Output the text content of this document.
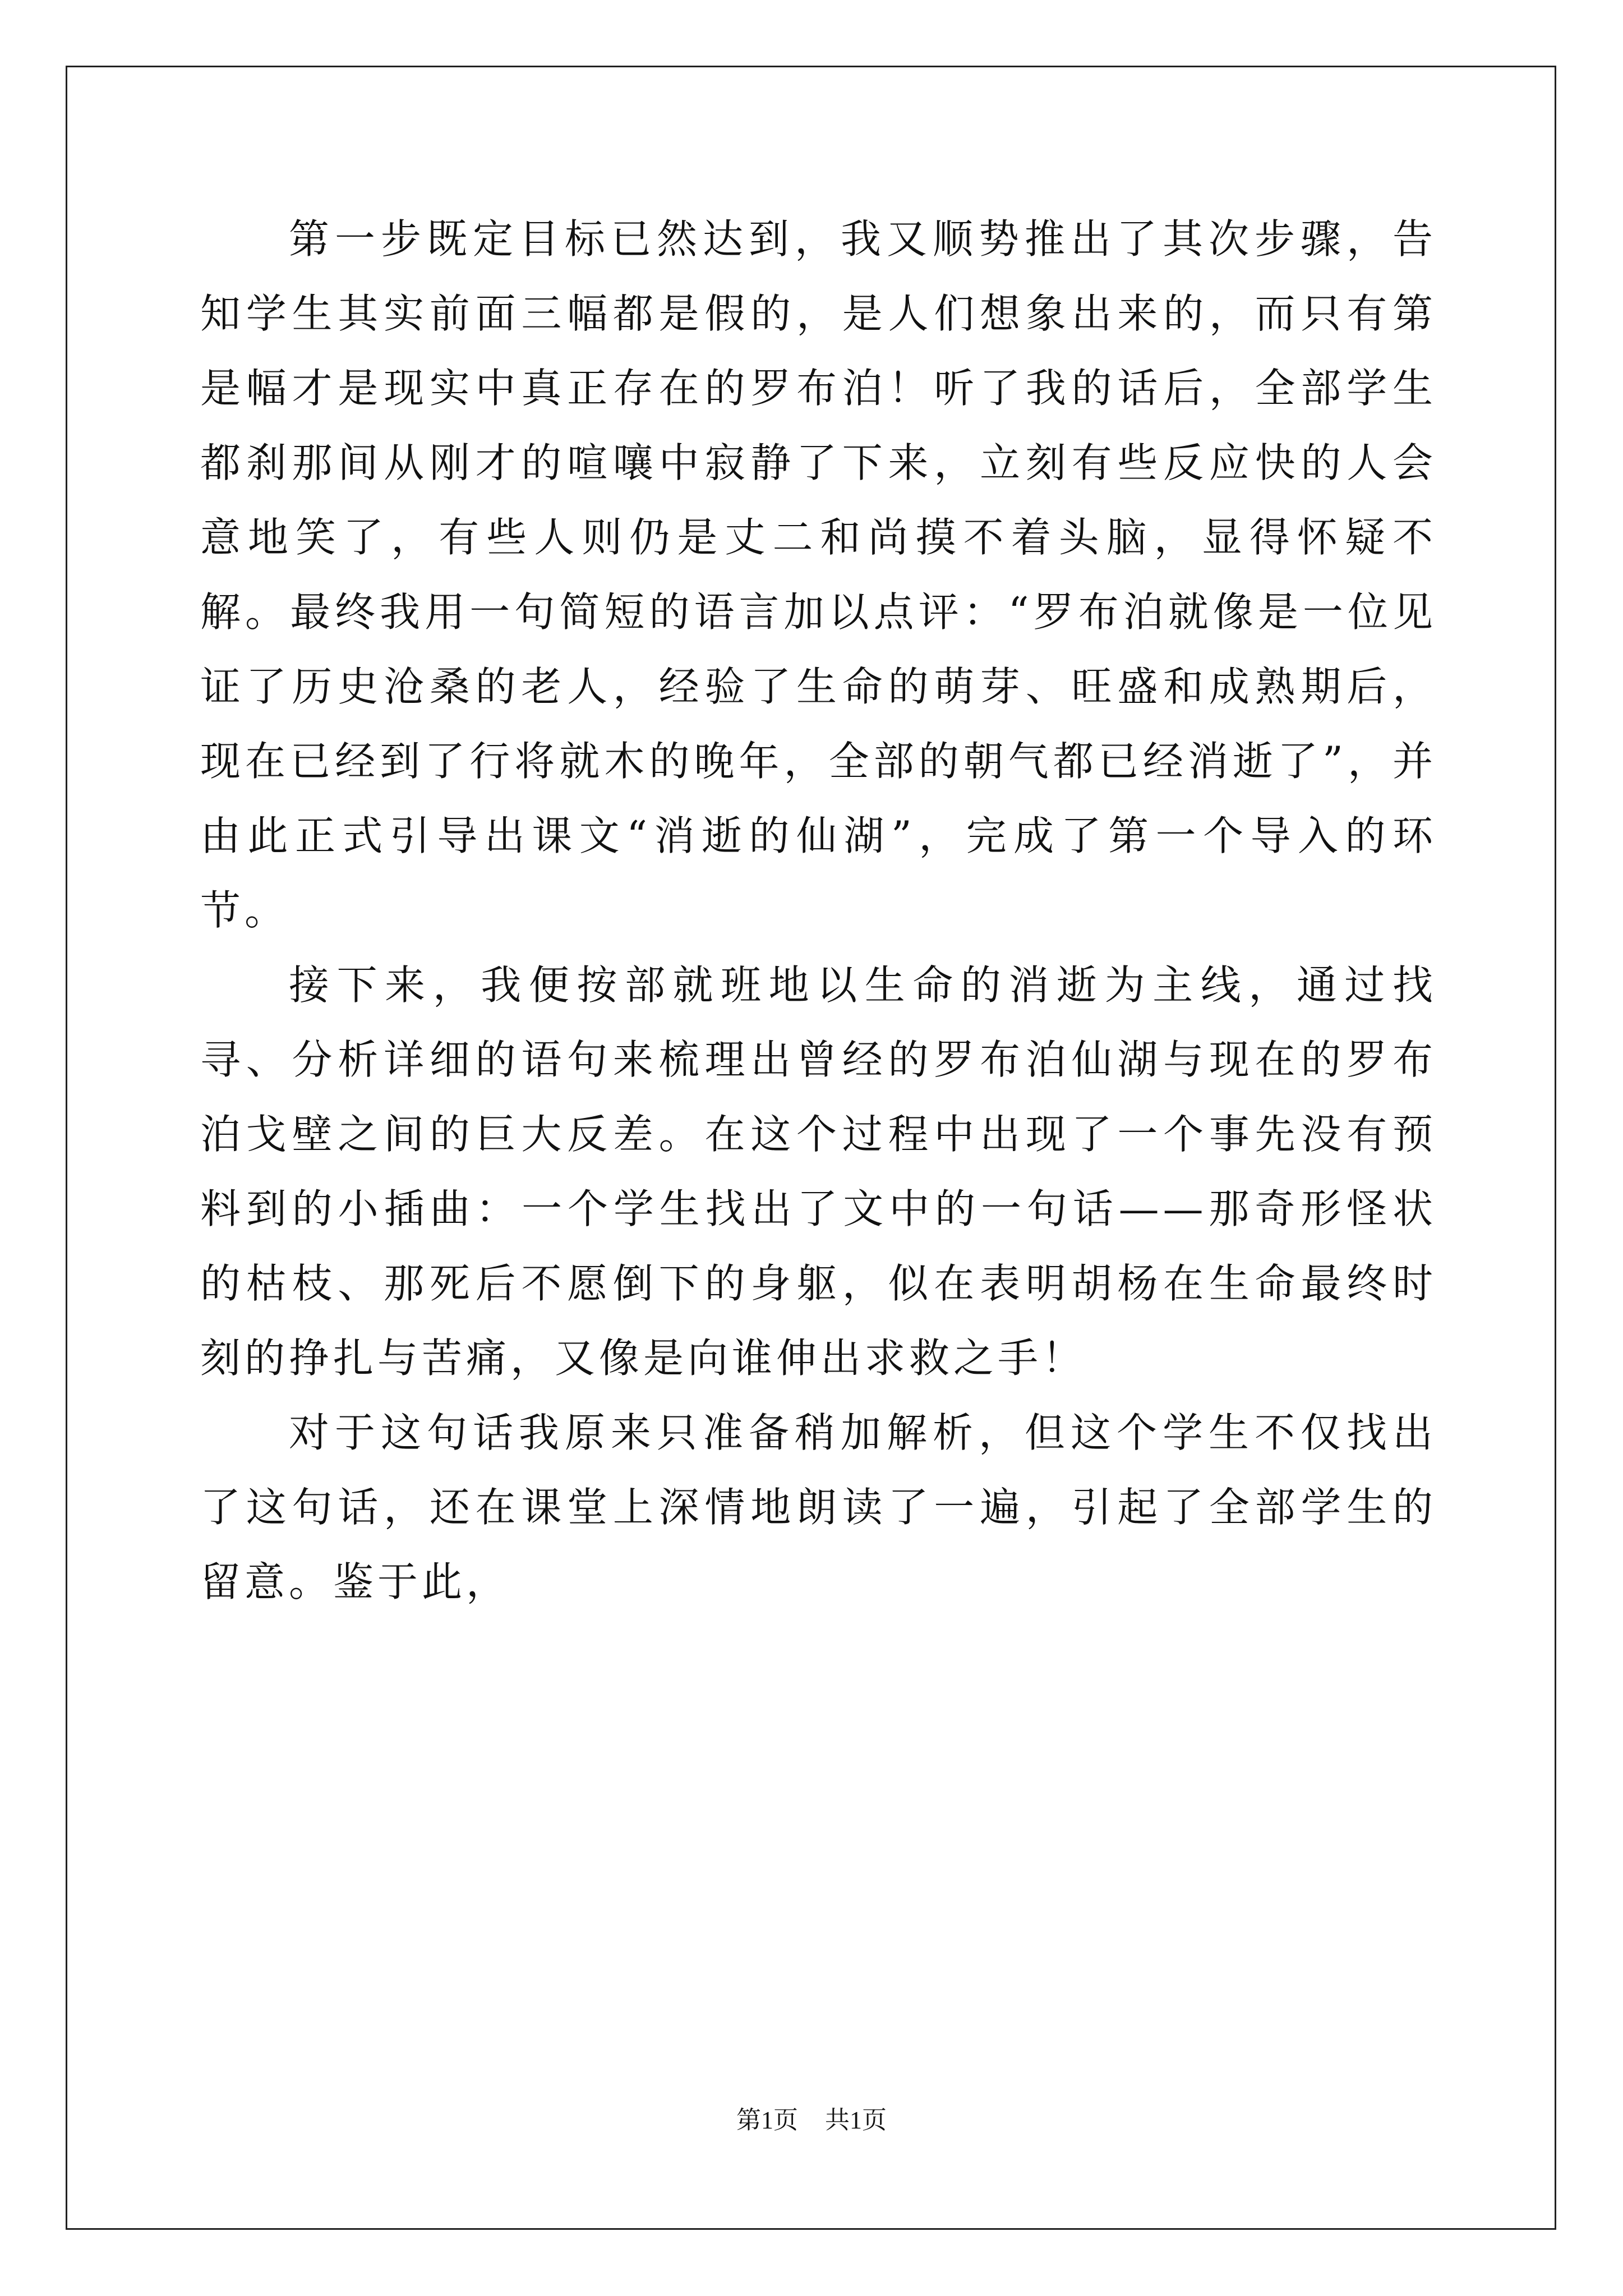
第一步既定目标已然达到，我又顺势推出了其次步骤，告知学生其实前面三幅都是假的，是人们想象出来的，而只有第是幅才是现实中真正存在的罗布泊！听了我的话后，全部学生都刹那间从刚才的喧嚷中寂静了下来，立刻有些反应快的人会意地笑了，有些人则仍是丈二和尚摸不着头脑，显得怀疑不解。最终我用一句简短的语言加以点评：“罗布泊就像是一位见证了历史沧桑的老人，经验了生命的萌芽、旺盛和成熟期后，现在已经到了行将就木的晚年，全部的朝气都已经消逝了”，并由此正式引导出课文“消逝的仙湖”，完成了第一个导入的环节。

接下来，我便按部就班地以生命的消逝为主线，通过找寻、分析详细的语句来梳理出曾经的罗布泊仙湖与现在的罗布泊戈壁之间的巨大反差。在这个过程中出现了一个事先没有预料到的小插曲：一个学生找出了文中的一句话——那奇形怪状的枯枝、那死后不愿倒下的身躯，似在表明胡杨在生命最终时刻的挣扎与苦痛，又像是向谁伸出求救之手！

对于这句话我原来只准备稍加解析，但这个学生不仅找出了这句话，还在课堂上深情地朗读了一遍，引起了全部学生的留意。鉴于此，

第1页 共1页
